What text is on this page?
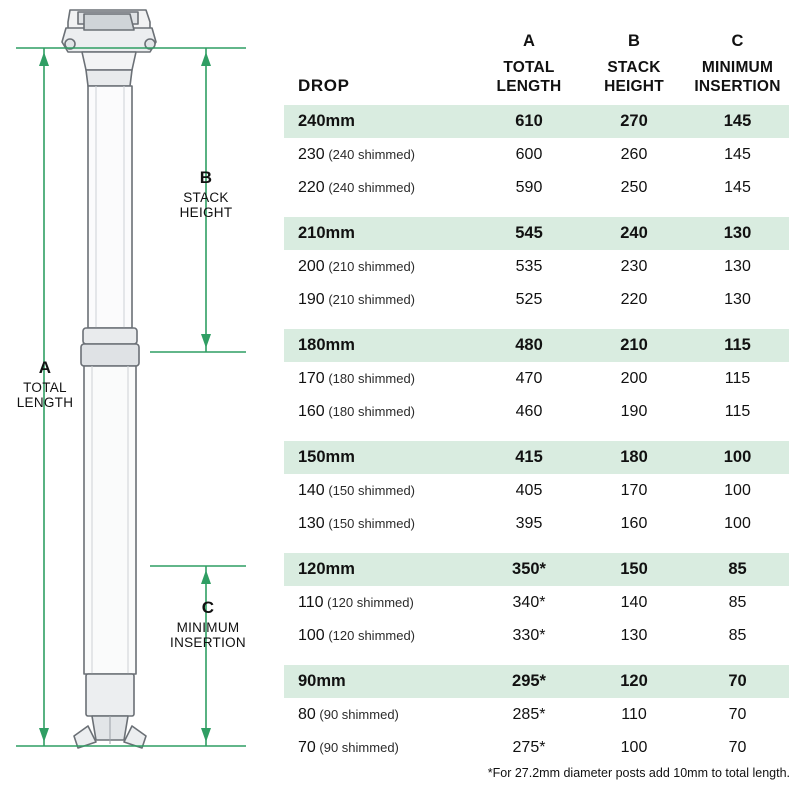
A
TOTAL
LENGTH
B
STACK
HEIGHT
C
MINIMUM
INSERTION
DROP	A
TOTAL
LENGTH	B
STACK
HEIGHT	C
MINIMUM
INSERTION
240mm	610	270	145
230 (240 shimmed)	600	260	145
220 (240 shimmed)	590	250	145

210mm	545	240	130
200 (210 shimmed)	535	230	130
190 (210 shimmed)	525	220	130

180mm	480	210	115
170 (180 shimmed)	470	200	115
160 (180 shimmed)	460	190	115

150mm	415	180	100
140 (150 shimmed)	405	170	100
130 (150 shimmed)	395	160	100

120mm	350*	150	85
110 (120 shimmed)	340*	140	85
100 (120 shimmed)	330*	130	85

90mm	295*	120	70
80 (90 shimmed)	285*	110	70
70 (90 shimmed)	275*	100	70
*For 27.2mm diameter posts add 10mm to total length.
